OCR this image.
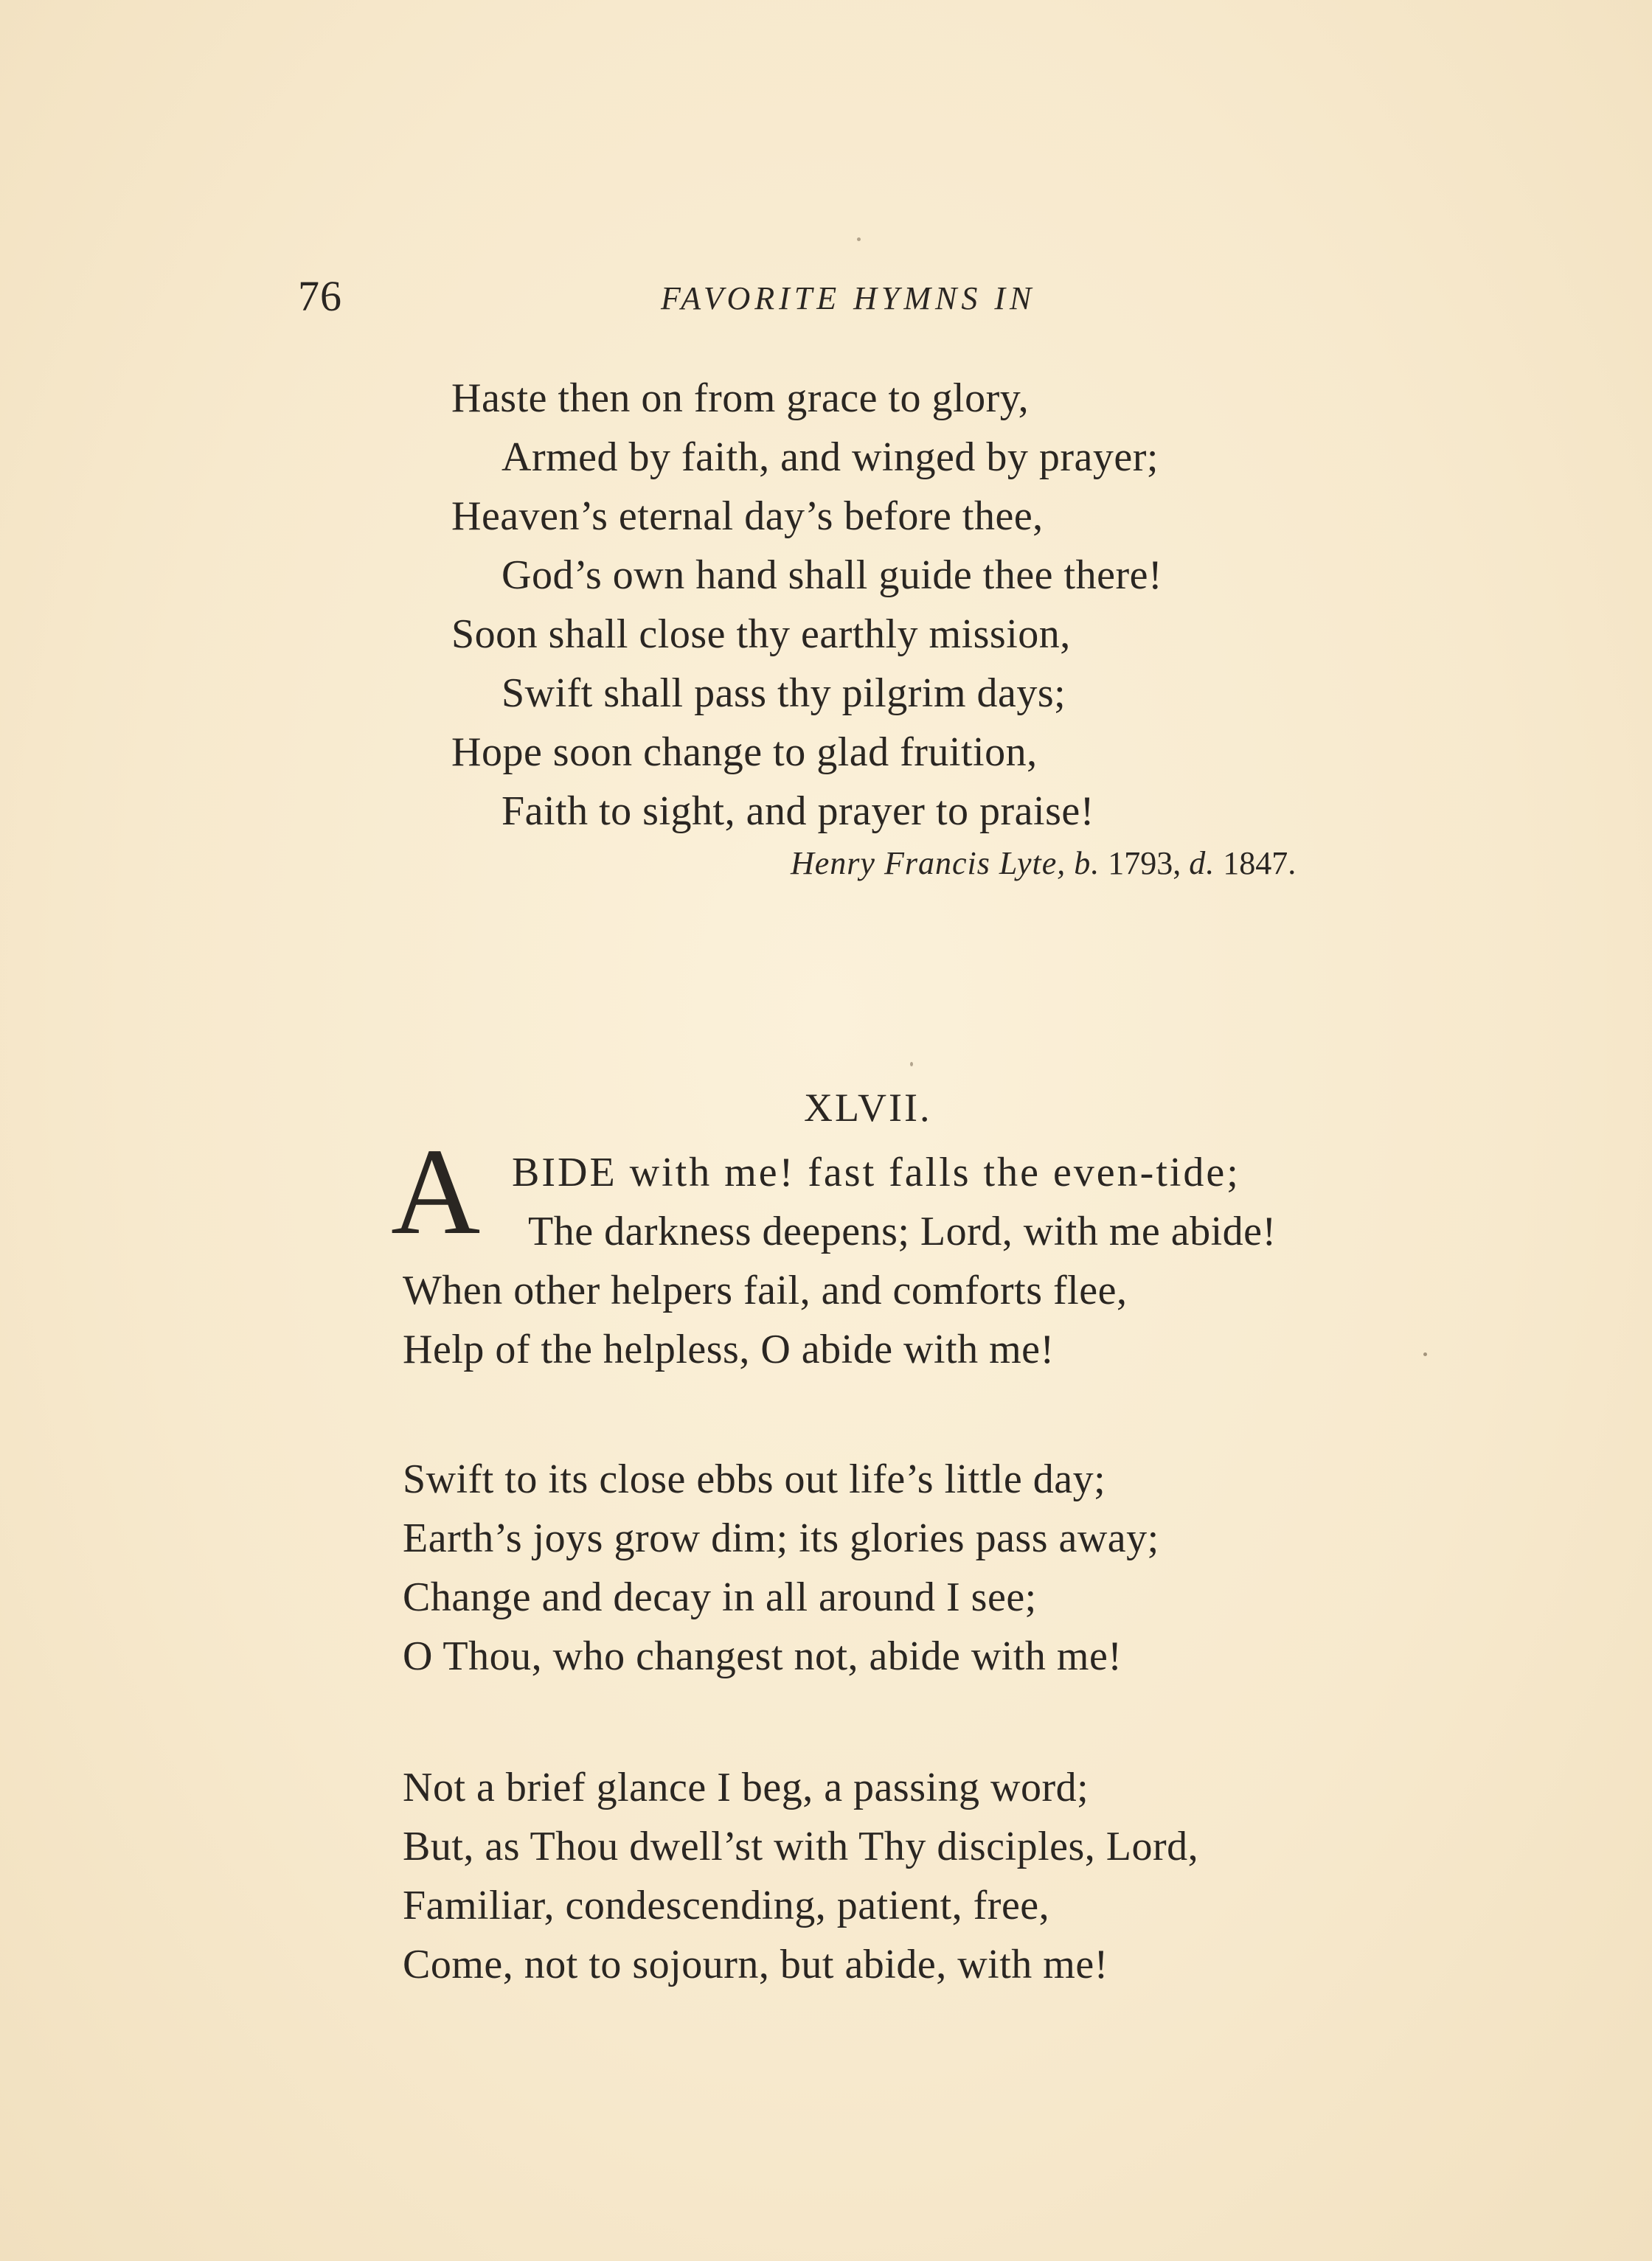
76	FAVORITE HYMNS IN
Haste then on from grace to glory,
Armed by faith, and winged by prayer;
Heaven’s eternal day’s before thee,
God’s own hand shall guide thee there!
Soon shall close thy earthly mission,
Swift shall pass thy pilgrim days;
Hope soon change to glad fruition,
Faith to sight, and prayer to praise!
Henry Francis Lyte, b. 1793, d. 1847.
XLVII.
A BIDE with me! fast falls the even-tide;
The darkness deepens; Lord, with me abide!
When other helpers fail, and comforts flee,
Help of the helpless, O abide with me!
Swift to its close ebbs out life’s little day;
Earth’s joys grow dim; its glories pass away;
Change and decay in all around I see;
O Thou, who changest not, abide with me!
Not a brief glance I beg, a passing word;
But, as Thou dwell’st with Thy disciples, Lord,
Familiar, condescending, patient, free,
Come, not to sojourn, but abide, with me!
